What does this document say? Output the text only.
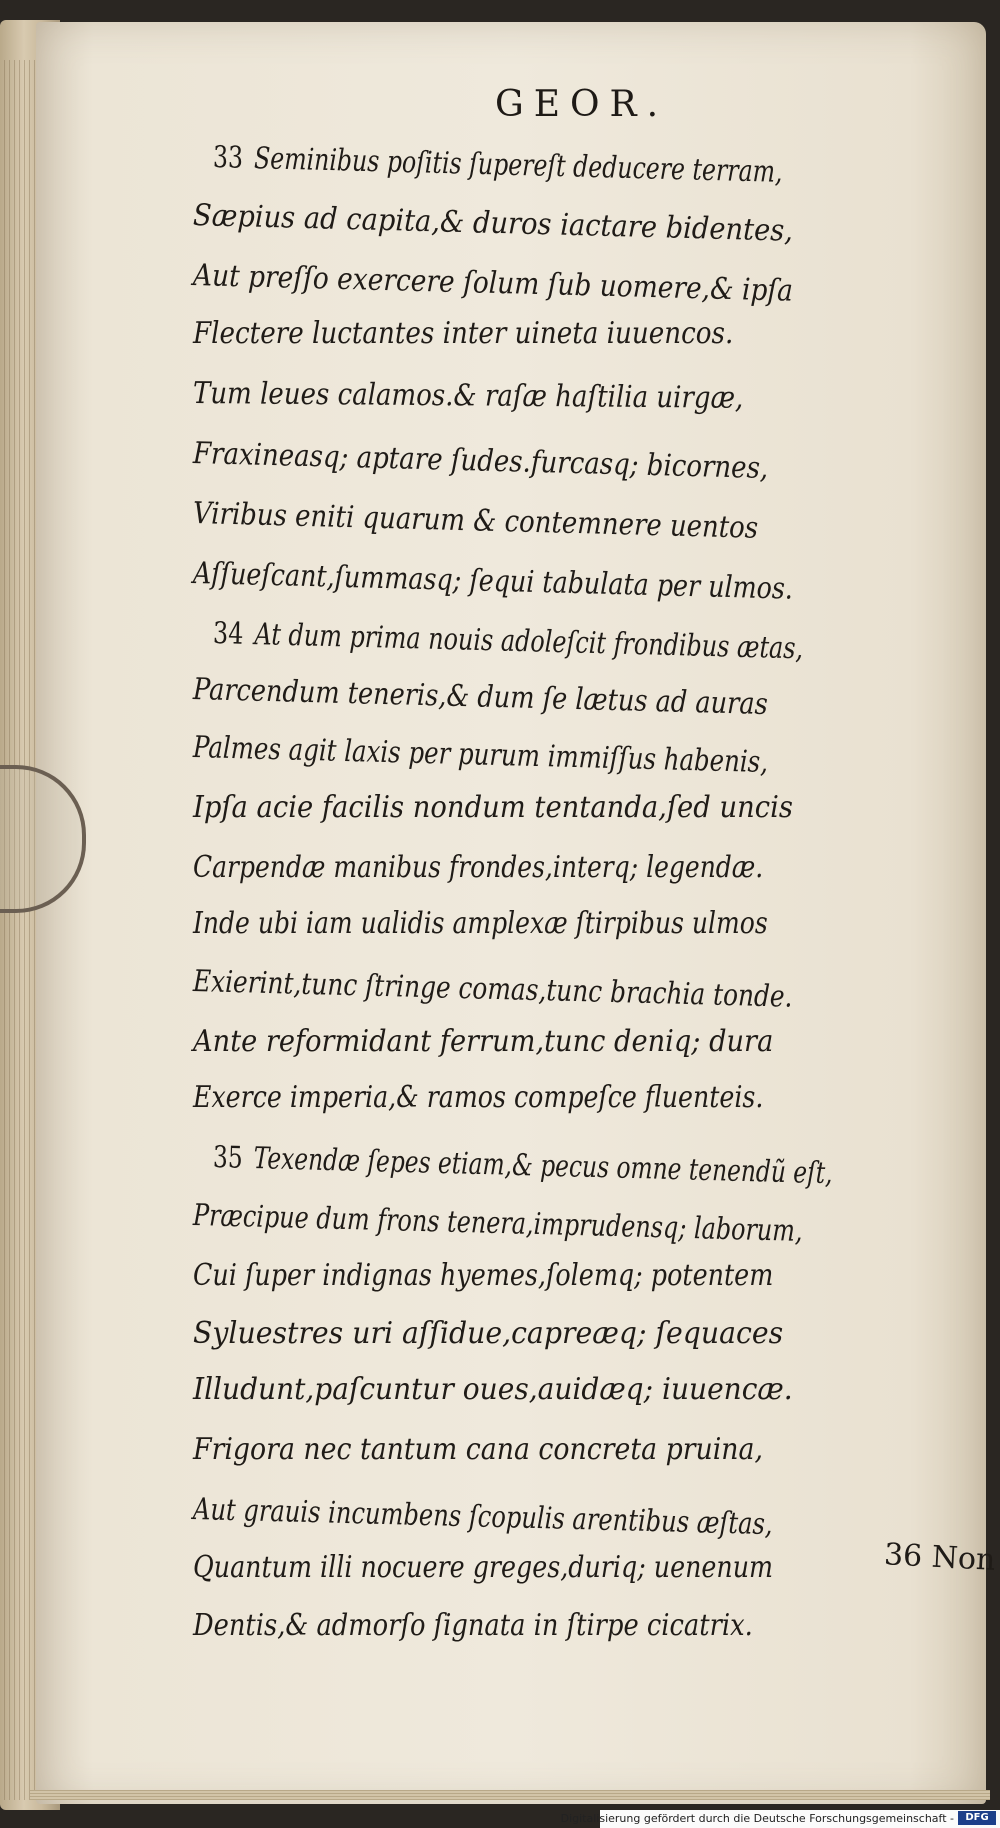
GEOR.
33 Seminibus poſitis ſupereſt deducere terram,
Sæpius ad capita,& duros iactare bidentes,
Aut preſſo exercere ſolum ſub uomere,& ipſa
Flectere luctantes inter uineta iuuencos.
Tum leues calamos.& raſæ haſtilia uirgæ,
Fraxineasq; aptare ſudes.furcasq; bicornes,
Viribus eniti quarum & contemnere uentos
Aſſueſcant,ſummasq; ſequi tabulata per ulmos.
34 At dum prima nouis adoleſcit frondibus ætas,
Parcendum teneris,& dum ſe lætus ad auras
Palmes agit laxis per purum immiſſus habenis,
Ipſa acie facilis nondum tentanda,ſed uncis
Carpendæ manibus frondes,interq; legendæ.
Inde ubi iam ualidis amplexæ ſtirpibus ulmos
Exierint,tunc ſtringe comas,tunc brachia tonde.
Ante reformidant ferrum,tunc deniq; dura
Exerce imperia,& ramos compeſce fluenteis.
35 Texendæ ſepes etiam,& pecus omne tenendũ eſt,
Præcipue dum frons tenera,imprudensq; laborum,
Cui ſuper indignas hyemes,ſolemq; potentem
Syluestres uri aſſidue,capreæq; ſequaces
Illudunt,paſcuntur oues,auidæq; iuuencæ.
Frigora nec tantum cana concreta pruina,
Aut grauis incumbens ſcopulis arentibus æſtas,
Quantum illi nocuere greges,duriq; uenenum
Dentis,& admorſo ſignata in ſtirpe cicatrix.
36 Non
Digitalisierung gefördert durch die Deutsche Forschungsgemeinschaft -	DFG
